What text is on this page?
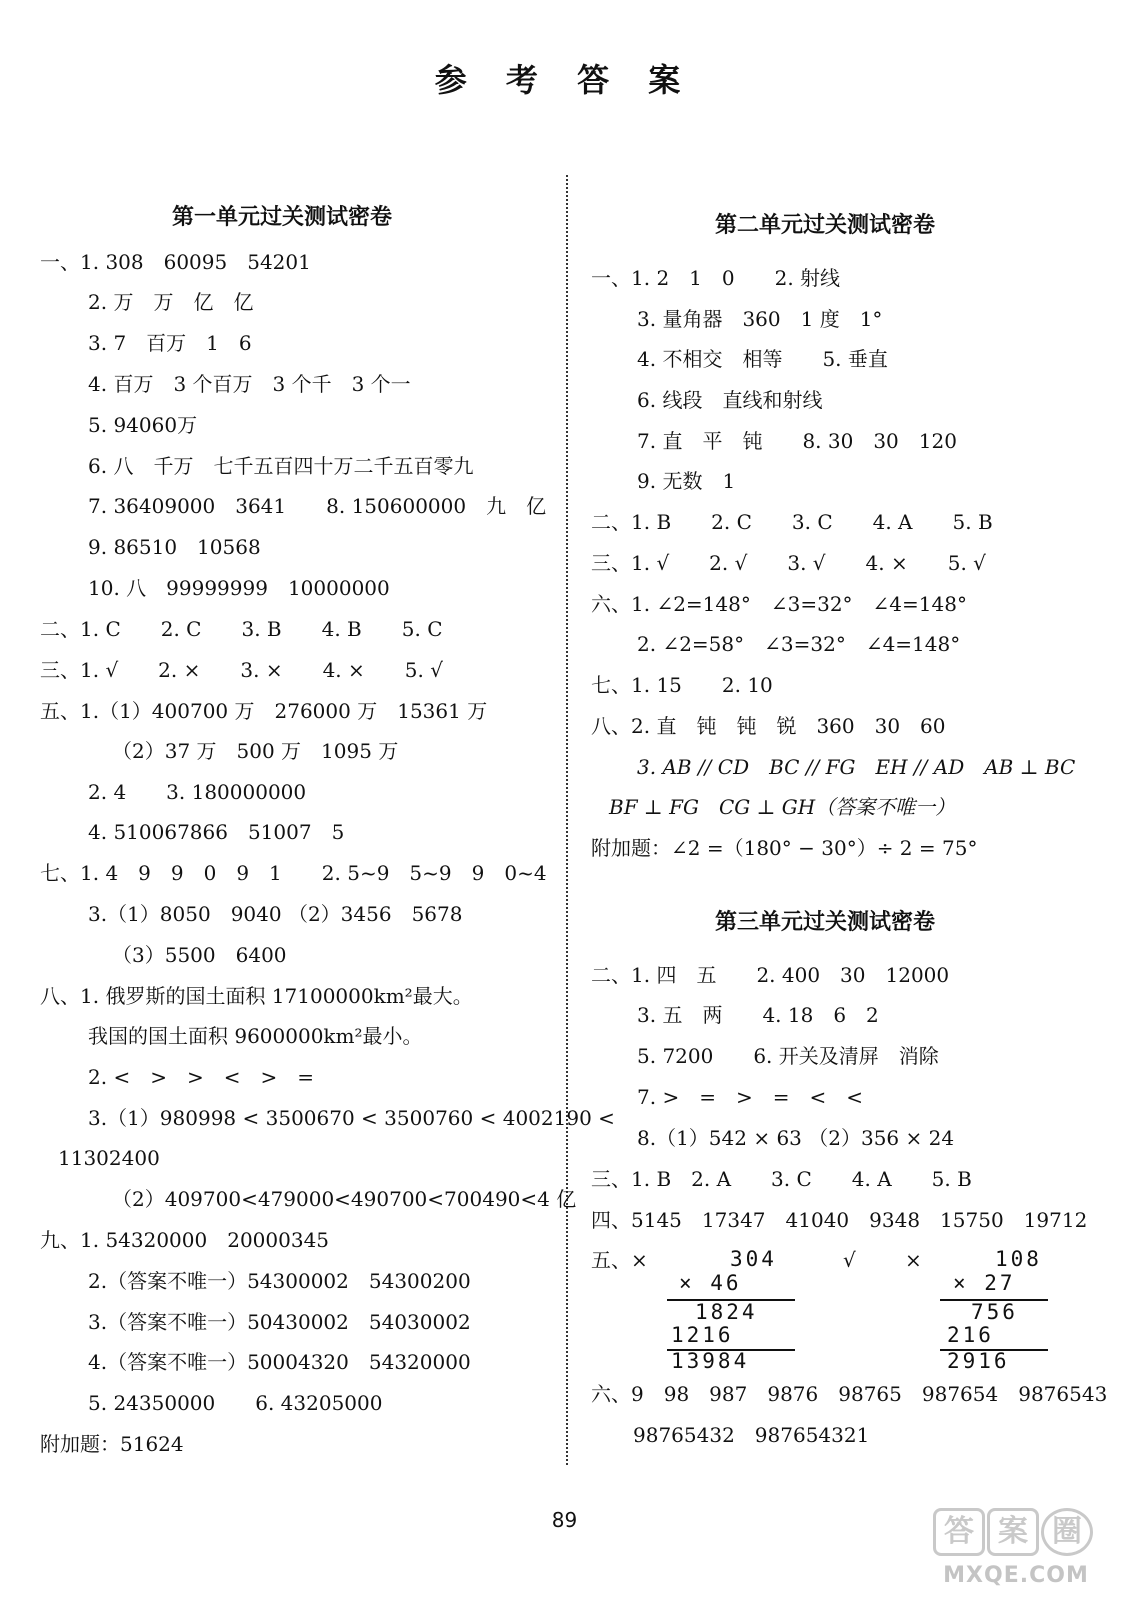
参 考 答 案
第一单元过关测试密卷
一、1. 308　60095　54201
2. 万　万　亿　亿
3. 7　百万　1　6
4. 百万　3 个百万　3 个千　3 个一
5. 94060万
6. 八　千万　七千五百四十万二千五百零九
7. 36409000　3641　　8. 150600000　九　亿
9. 86510　10568
10. 八　99999999　10000000
二、1. C　　2. C　　3. B　　4. B　　5. C
三、1. √　　2. ×　　3. ×　　4. ×　　5. √
五、1.（1）400700 万　276000 万　15361 万
（2）37 万　500 万　1095 万
2. 4　　3. 180000000
4. 510067866　51007　5
七、1. 4　9　9　0　9　1　　2. 5~9　5~9　9　0~4
3.（1）8050　9040 （2）3456　5678
（3）5500　6400
八、1. 俄罗斯的国土面积 17100000km²最大。
我国的国土面积 9600000km²最小。
2. <　>　>　<　>　=
3.（1）980998 < 3500670 < 3500760 < 4002190 <
11302400
（2）409700<479000<490700<700490<4 亿
九、1. 54320000　20000345
2.（答案不唯一）54300002　54300200
3.（答案不唯一）50430002　54030002
4.（答案不唯一）50004320　54320000
5. 24350000　　6. 43205000
附加题：51624
第二单元过关测试密卷
一、1. 2　1　0　　2. 射线
3. 量角器　360　1 度　1°
4. 不相交　相等　　5. 垂直
6. 线段　直线和射线
7. 直　平　钝　　8. 30　30　120
9. 无数　1
二、1. B　　2. C　　3. C　　4. A　　5. B
三、1. √　　2. √　　3. √　　4. ×　　5. √
六、1. ∠2=148°　∠3=32°　∠4=148°
2. ∠2=58°　∠3=32°　∠4=148°
七、1. 15　　2. 10
八、2. 直　钝　钝　锐　360　30　60
3. AB // CD　BC // FG　EH // AD　AB ⊥ BC
BF ⊥ FG　CG ⊥ GH（答案不唯一）
附加题：∠2 =（180° − 30°）÷ 2 = 75°
第三单元过关测试密卷
二、1. 四　五　　2. 400　30　12000
3. 五　两　　4. 18　6　2
5. 7200　　6. 开关及清屏　消除
7. >　=　>　=　<　<
8.（1）542 × 63 （2）356 × 24
三、1. B　2. A　　3. C　　4. A　　5. B
四、5145　17347　41040　9348　15750　19712
五、×	304
× 46
1824
1216
13984
√ ×	108
× 27
756
216
2916
六、9　98　987　9876　98765　987654　9876543
98765432　987654321
89	答 案 圈
MXQE.COM
